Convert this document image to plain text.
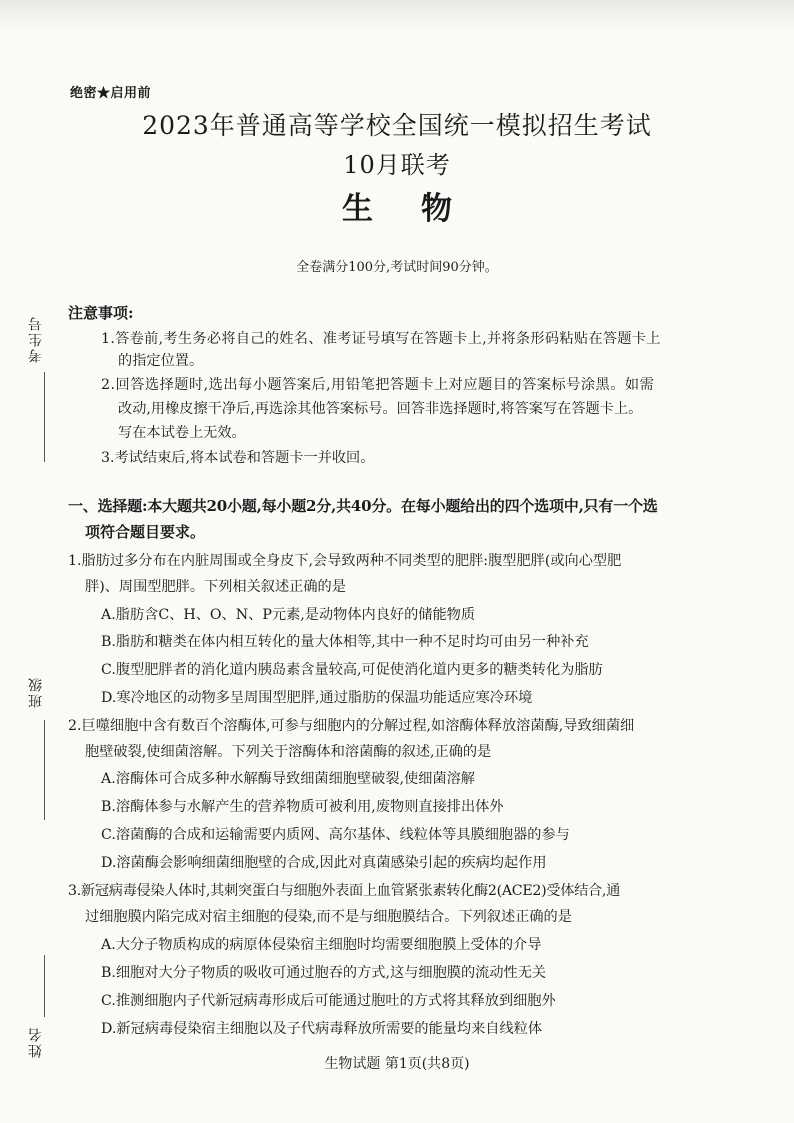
考生号
班级
姓名
绝密★启用前
2023年普通高等学校全国统一模拟招生考试
10月联考
生物
全卷满分100分,考试时间90分钟。
注意事项:
1.答卷前,考生务必将自己的姓名、准考证号填写在答题卡上,并将条形码粘贴在答题卡上
的指定位置。
2.回答选择题时,选出每小题答案后,用铅笔把答题卡上对应题目的答案标号涂黑。如需
改动,用橡皮擦干净后,再选涂其他答案标号。回答非选择题时,将答案写在答题卡上。
写在本试卷上无效。
3.考试结束后,将本试卷和答题卡一并收回。
一、选择题:本大题共20小题,每小题2分,共40分。在每小题给出的四个选项中,只有一个选
项符合题目要求。
1.脂肪过多分布在内脏周围或全身皮下,会导致两种不同类型的肥胖:腹型肥胖(或向心型肥
胖)、周围型肥胖。下列相关叙述正确的是
A.脂肪含C、H、O、N、P元素,是动物体内良好的储能物质
B.脂肪和糖类在体内相互转化的量大体相等,其中一种不足时均可由另一种补充
C.腹型肥胖者的消化道内胰岛素含量较高,可促使消化道内更多的糖类转化为脂肪
D.寒冷地区的动物多呈周围型肥胖,通过脂肪的保温功能适应寒冷环境
2.巨噬细胞中含有数百个溶酶体,可参与细胞内的分解过程,如溶酶体释放溶菌酶,导致细菌细
胞壁破裂,使细菌溶解。下列关于溶酶体和溶菌酶的叙述,正确的是
A.溶酶体可合成多种水解酶导致细菌细胞壁破裂,使细菌溶解
B.溶酶体参与水解产生的营养物质可被利用,废物则直接排出体外
C.溶菌酶的合成和运输需要内质网、高尔基体、线粒体等具膜细胞器的参与
D.溶菌酶会影响细菌细胞壁的合成,因此对真菌感染引起的疾病均起作用
3.新冠病毒侵染人体时,其刺突蛋白与细胞外表面上血管紧张素转化酶2(ACE2)受体结合,通
过细胞膜内陷完成对宿主细胞的侵染,而不是与细胞膜结合。下列叙述正确的是
A.大分子物质构成的病原体侵染宿主细胞时均需要细胞膜上受体的介导
B.细胞对大分子物质的吸收可通过胞吞的方式,这与细胞膜的流动性无关
C.推测细胞内子代新冠病毒形成后可能通过胞吐的方式将其释放到细胞外
D.新冠病毒侵染宿主细胞以及子代病毒释放所需要的能量均来自线粒体
生物试题 第1页(共8页)
